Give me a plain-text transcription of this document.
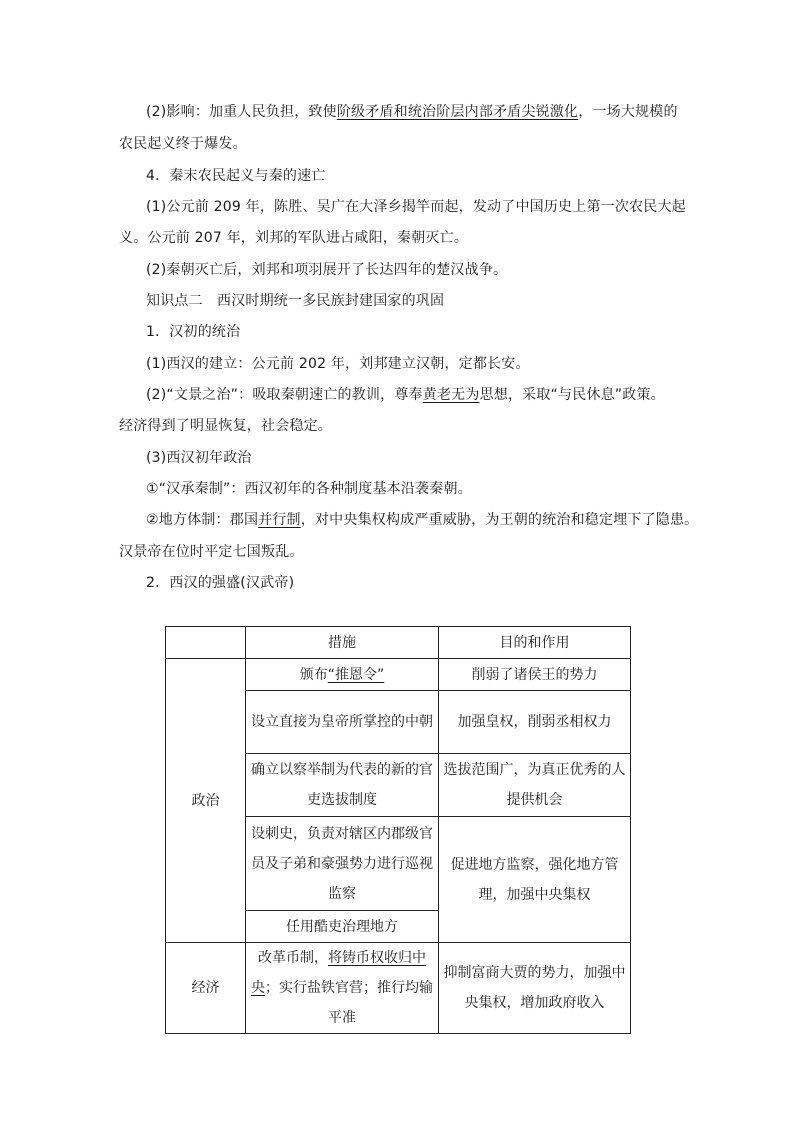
(2)影响：加重人民负担，致使阶级矛盾和统治阶层内部矛盾尖锐激化，一场大规模的
农民起义终于爆发。
4．秦末农民起义与秦的速亡
(1)公元前 209 年，陈胜、吴广在大泽乡揭竿而起，发动了中国历史上第一次农民大起
义。公元前 207 年，刘邦的军队进占咸阳，秦朝灭亡。
(2)秦朝灭亡后，刘邦和项羽展开了长达四年的楚汉战争。
知识点二　西汉时期统一多民族封建国家的巩固
1．汉初的统治
(1)西汉的建立：公元前 202 年，刘邦建立汉朝，定都长安。
(2)“文景之治”：吸取秦朝速亡的教训，尊奉黄老无为思想，采取“与民休息”政策。
经济得到了明显恢复，社会稳定。
(3)西汉初年政治
①“汉承秦制”：西汉初年的各种制度基本沿袭秦朝。
②地方体制：郡国并行制，对中央集权构成严重威胁，为王朝的统治和稳定埋下了隐患。
汉景帝在位时平定七国叛乱。
2．西汉的强盛(汉武帝)
	措施	目的和作用
政治	颁布“推恩令”	削弱了诸侯王的势力
	设立直接为皇帝所掌控的中朝	加强皇权，削弱丞相权力
	确立以察举制为代表的新的官吏选拔制度	选拔范围广，为真正优秀的人提供机会
	设刺史，负责对辖区内郡级官员及子弟和豪强势力进行巡视监察	促进地方监察，强化地方管理，加强中央集权
	任用酷吏治理地方	
经济	改革币制，将铸币权收归中央；实行盐铁官营；推行均输平准	抑制富商大贾的势力，加强中央集权，增加政府收入
